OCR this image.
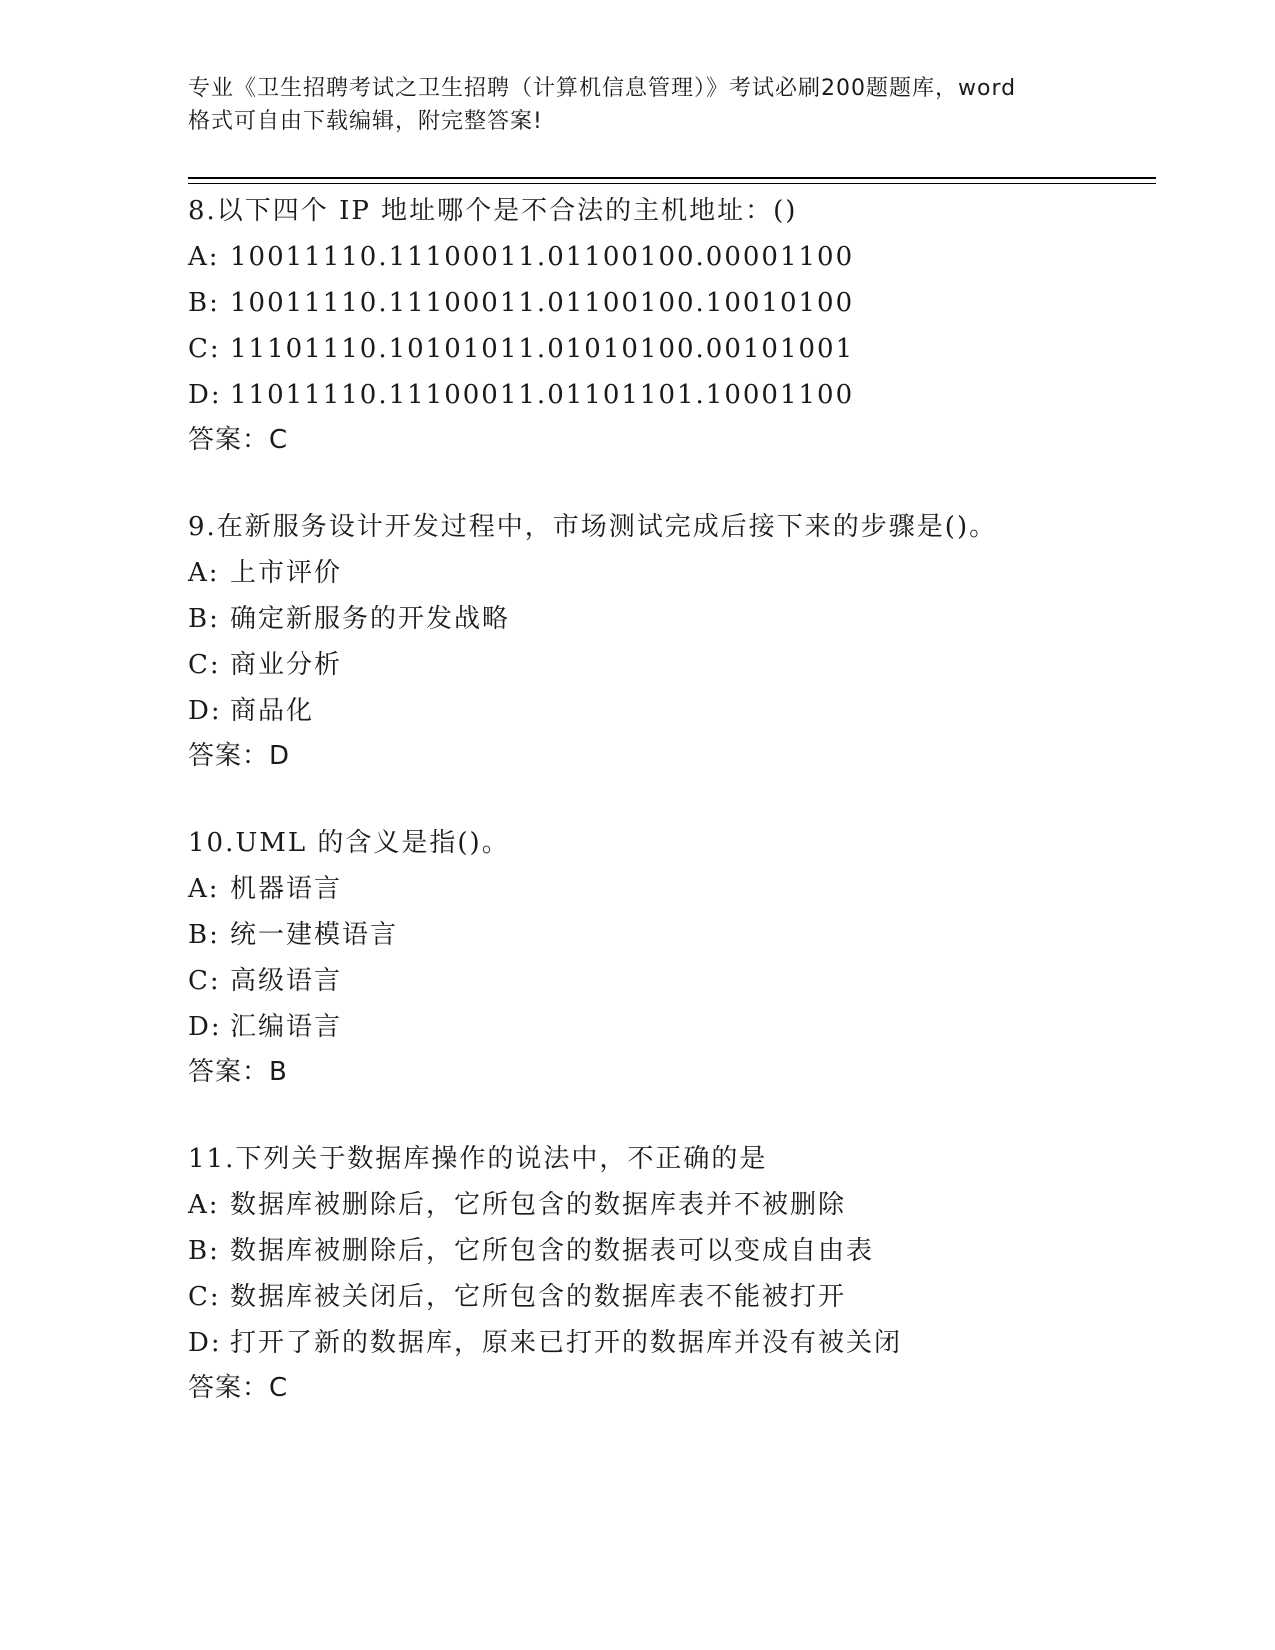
专业《卫生招聘考试之卫生招聘（计算机信息管理）》考试必刷200题题库，word
格式可自由下载编辑，附完整答案!
8.以下四个 IP 地址哪个是不合法的主机地址：()
A: 10011110.11100011.01100100.00001100
B: 10011110.11100011.01100100.10010100
C: 11101110.10101011.01010100.00101001
D: 11011110.11100011.01101101.10001100
答案：C
9.在新服务设计开发过程中，市场测试完成后接下来的步骤是()。
A: 上市评价
B: 确定新服务的开发战略
C: 商业分析
D: 商品化
答案：D
10.UML 的含义是指()。
A: 机器语言
B: 统一建模语言
C: 高级语言
D: 汇编语言
答案：B
11.下列关于数据库操作的说法中，不正确的是
A: 数据库被删除后，它所包含的数据库表并不被删除
B: 数据库被删除后，它所包含的数据表可以变成自由表
C: 数据库被关闭后，它所包含的数据库表不能被打开
D: 打开了新的数据库，原来已打开的数据库并没有被关闭
答案：C
